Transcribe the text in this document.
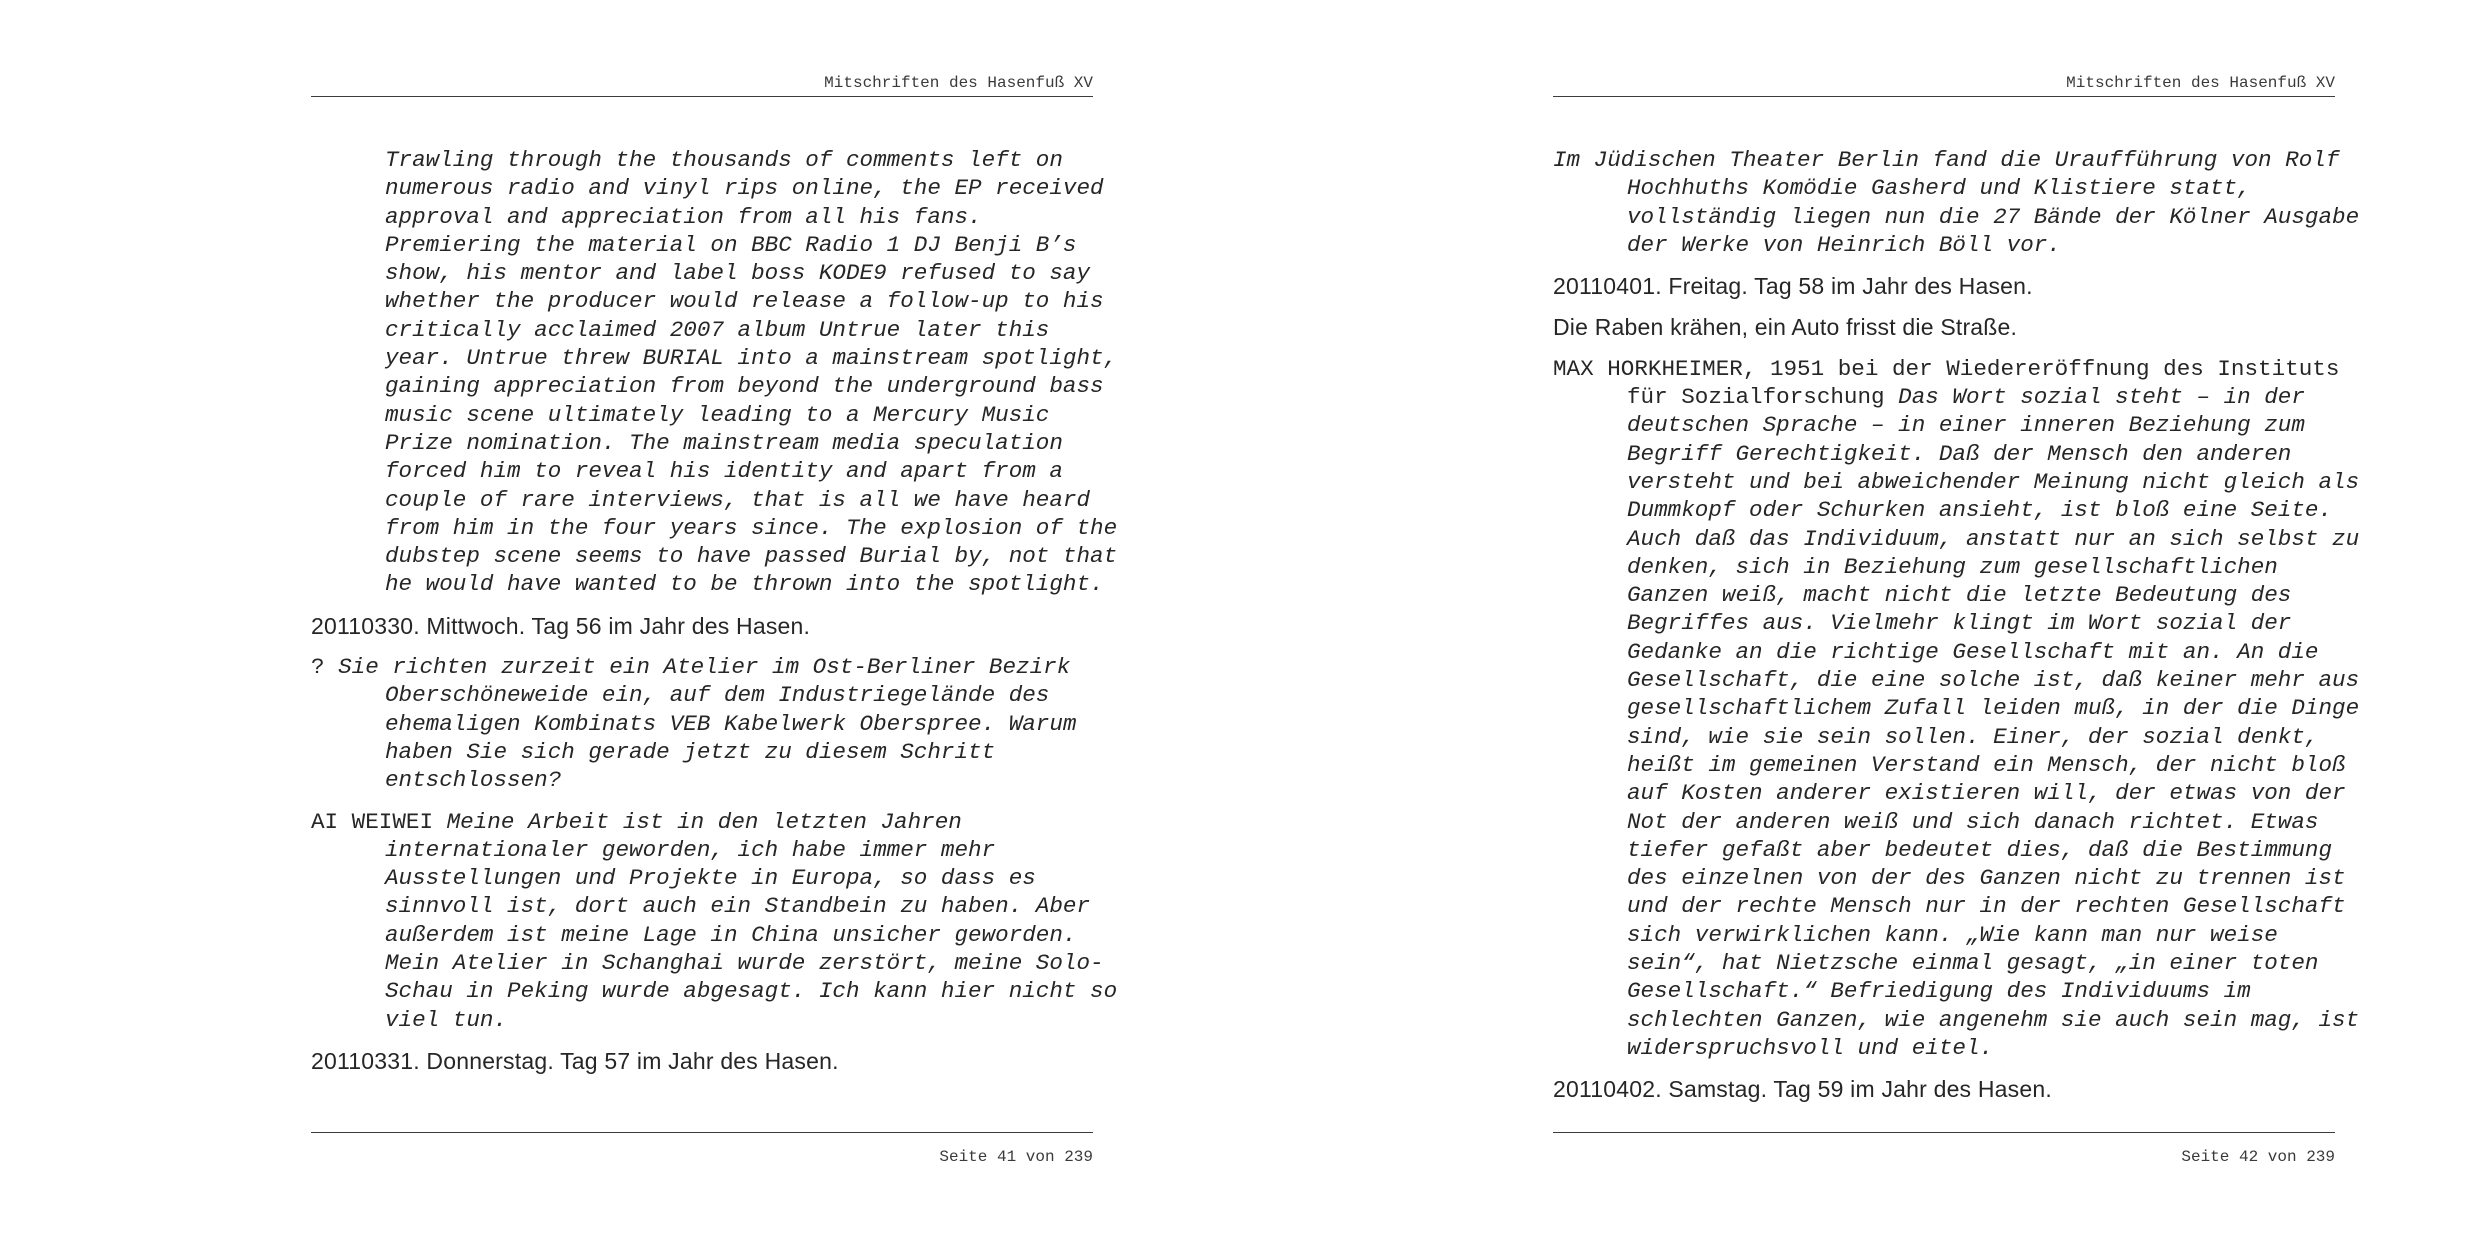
Mitschriften des Hasenfuß XV

Trawling through the thousands of comments left on
numerous radio and vinyl rips online, the EP received
approval and appreciation from all his fans.
Premiering the material on BBC Radio 1 DJ Benji B’s
show, his mentor and label boss KODE9 refused to say
whether the producer would release a follow-up to his
critically acclaimed 2007 album Untrue later this
year. Untrue threw BURIAL into a mainstream spotlight,
gaining appreciation from beyond the underground bass
music scene ultimately leading to a Mercury Music
Prize nomination. The mainstream media speculation
forced him to reveal his identity and apart from a
couple of rare interviews, that is all we have heard
from him in the four years since. The explosion of the
dubstep scene seems to have passed Burial by, not that
he would have wanted to be thrown into the spotlight.

20110330. Mittwoch. Tag 56 im Jahr des Hasen.

? Sie richten zurzeit ein Atelier im Ost-Berliner Bezirk
Oberschöneweide ein, auf dem Industriegelände des
ehemaligen Kombinats VEB Kabelwerk Oberspree. Warum
haben Sie sich gerade jetzt zu diesem Schritt
entschlossen?

AI WEIWEI Meine Arbeit ist in den letzten Jahren
internationaler geworden, ich habe immer mehr
Ausstellungen und Projekte in Europa, so dass es
sinnvoll ist, dort auch ein Standbein zu haben. Aber
außerdem ist meine Lage in China unsicher geworden.
Mein Atelier in Schanghai wurde zerstört, meine Solo-
Schau in Peking wurde abgesagt. Ich kann hier nicht so
viel tun.

20110331. Donnerstag. Tag 57 im Jahr des Hasen.

Seite 41 von 239
Mitschriften des Hasenfuß XV

Im Jüdischen Theater Berlin fand die Uraufführung von Rolf
Hochhuths Komödie Gasherd und Klistiere statt,
vollständig liegen nun die 27 Bände der Kölner Ausgabe
der Werke von Heinrich Böll vor.

20110401. Freitag. Tag 58 im Jahr des Hasen.

Die Raben krähen, ein Auto frisst die Straße.

MAX HORKHEIMER, 1951 bei der Wiedereröffnung des Instituts
für Sozialforschung Das Wort sozial steht – in der
deutschen Sprache – in einer inneren Beziehung zum
Begriff Gerechtigkeit. Daß der Mensch den anderen
versteht und bei abweichender Meinung nicht gleich als
Dummkopf oder Schurken ansieht, ist bloß eine Seite.
Auch daß das Individuum, anstatt nur an sich selbst zu
denken, sich in Beziehung zum gesellschaftlichen
Ganzen weiß, macht nicht die letzte Bedeutung des
Begriffes aus. Vielmehr klingt im Wort sozial der
Gedanke an die richtige Gesellschaft mit an. An die
Gesellschaft, die eine solche ist, daß keiner mehr aus
gesellschaftlichem Zufall leiden muß, in der die Dinge
sind, wie sie sein sollen. Einer, der sozial denkt,
heißt im gemeinen Verstand ein Mensch, der nicht bloß
auf Kosten anderer existieren will, der etwas von der
Not der anderen weiß und sich danach richtet. Etwas
tiefer gefaßt aber bedeutet dies, daß die Bestimmung
des einzelnen von der des Ganzen nicht zu trennen ist
und der rechte Mensch nur in der rechten Gesellschaft
sich verwirklichen kann. „Wie kann man nur weise
sein“, hat Nietzsche einmal gesagt, „in einer toten
Gesellschaft.“ Befriedigung des Individuums im
schlechten Ganzen, wie angenehm sie auch sein mag, ist
widerspruchsvoll und eitel.

20110402. Samstag. Tag 59 im Jahr des Hasen.

Seite 42 von 239
